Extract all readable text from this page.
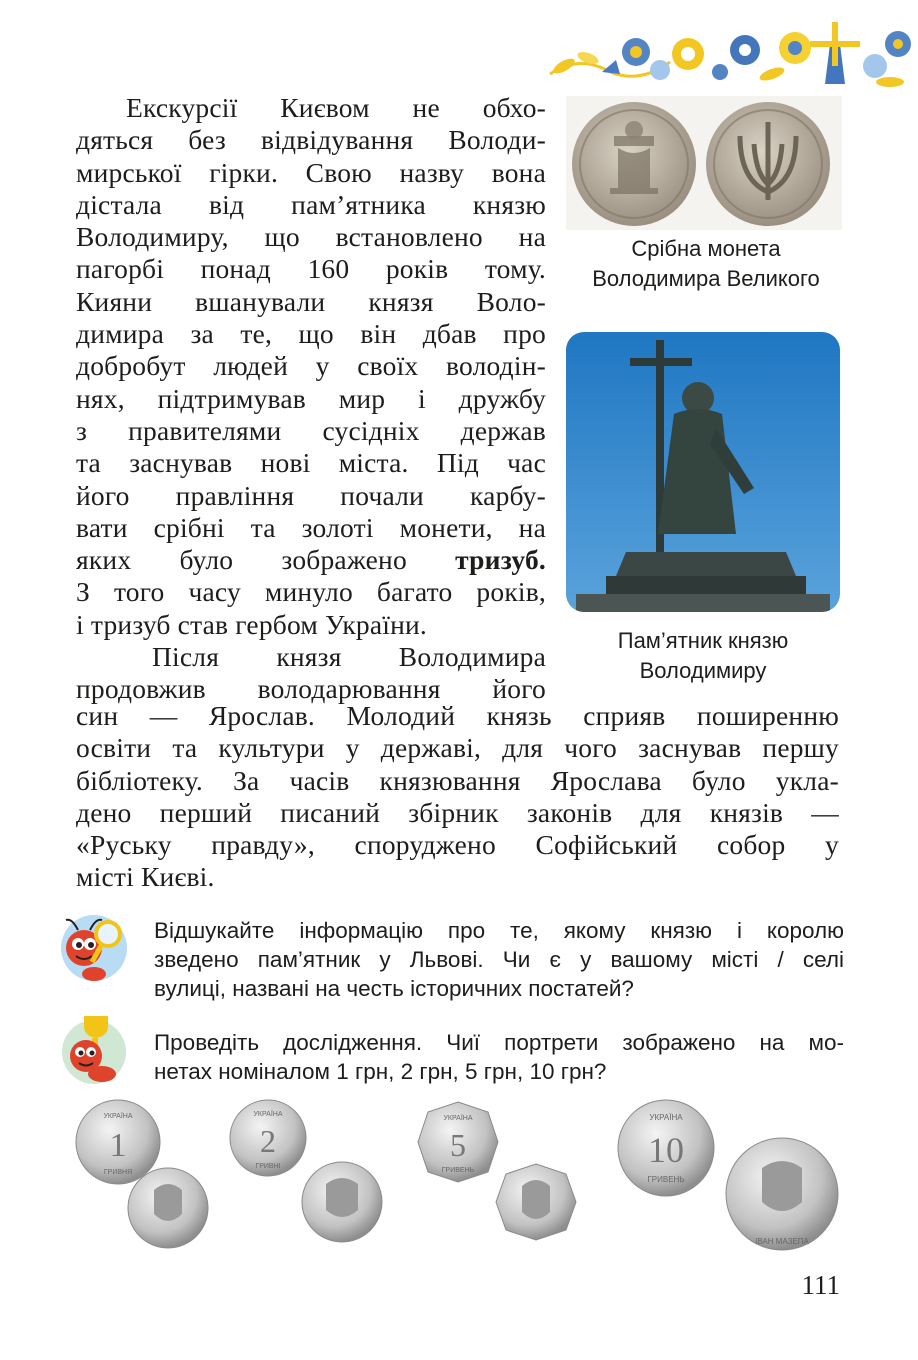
Екскурсії Києвом не обхо-
дяться без відвідування Володи-
мирської гірки. Свою назву вона
дістала від пам’ятника князю
Володимиру, що встановлено на
пагорбі понад 160 років тому.
Кияни вшанували князя Воло-
димира за те, що він дбав про
добробут людей у своїх володін-
нях, підтримував мир і дружбу
з правителями сусідніх держав
та заснував нові міста. Під час
його правління почали карбу-
вати срібні та золоті монети, на
яких було зображено тризуб.
З того часу минуло багато років,
і тризуб став гербом України.
Після князя Володимира
продовжив володарювання його

син — Ярослав. Молодий князь сприяв поширенню
освіти та культури у державі, для чого заснував першу
бібліотеку. За часів князювання Ярослава було укла-
дено перший писаний збірник законів для князів —
«Руську правду», споруджено Софійський собор у
місті Києві.

Срібна монета
Володимира Великого
Пам’ятник князю
Володимиру
Відшукайте інформацію про те, якому князю і королю
зведено пам’ятник у Львові. Чи є у вашому місті / селі
вулиці, названі на честь історичних постатей?
Проведіть дослідження. Чиї портрети зображено на мо-
нетах номіналом 1 грн, 2 грн, 5 грн, 10 грн?
УКРАЇНА
1
ГРИВНЯ
УКРАЇНА
2
ГРИВНІ
УКРАЇНА
5
ГРИВЕНЬ
УКРАЇНА
10
ГРИВЕНЬ
ІВАН МАЗЕПА
111
